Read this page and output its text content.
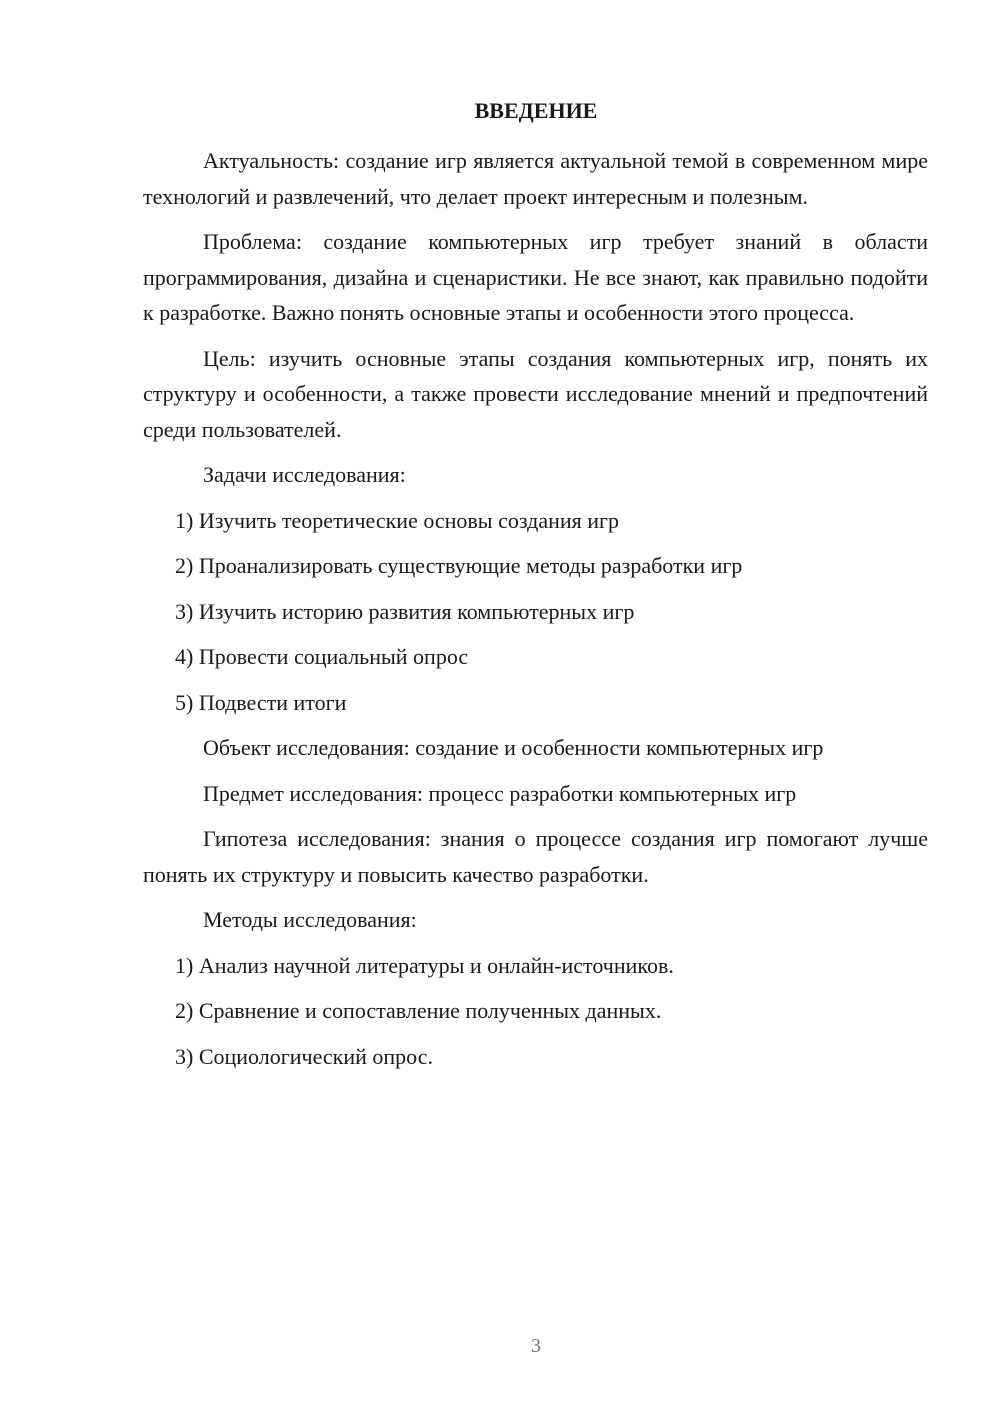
ВВЕДЕНИЕ

Актуальность: создание игр является актуальной темой в современном мире технологий и развлечений, что делает проект интересным и полезным.

Проблема: создание компьютерных игр требует знаний в области программирования, дизайна и сценаристики. Не все знают, как правильно подойти к разработке. Важно понять основные этапы и особенности этого процесса.

Цель: изучить основные этапы создания компьютерных игр, понять их структуру и особенности, а также провести исследование мнений и предпочтений среди пользователей.

Задачи исследования:

1) Изучить теоретические основы создания игр

2) Проанализировать существующие методы разработки игр

3) Изучить историю развития компьютерных игр

4) Провести социальный опрос

5) Подвести итоги

Объект исследования: создание и особенности компьютерных игр

Предмет исследования: процесс разработки компьютерных игр

Гипотеза исследования: знания о процессе создания игр помогают лучше понять их структуру и повысить качество разработки.

Методы исследования:

1) Анализ научной литературы и онлайн-источников.

2) Сравнение и сопоставление полученных данных.

3) Социологический опрос.

3
